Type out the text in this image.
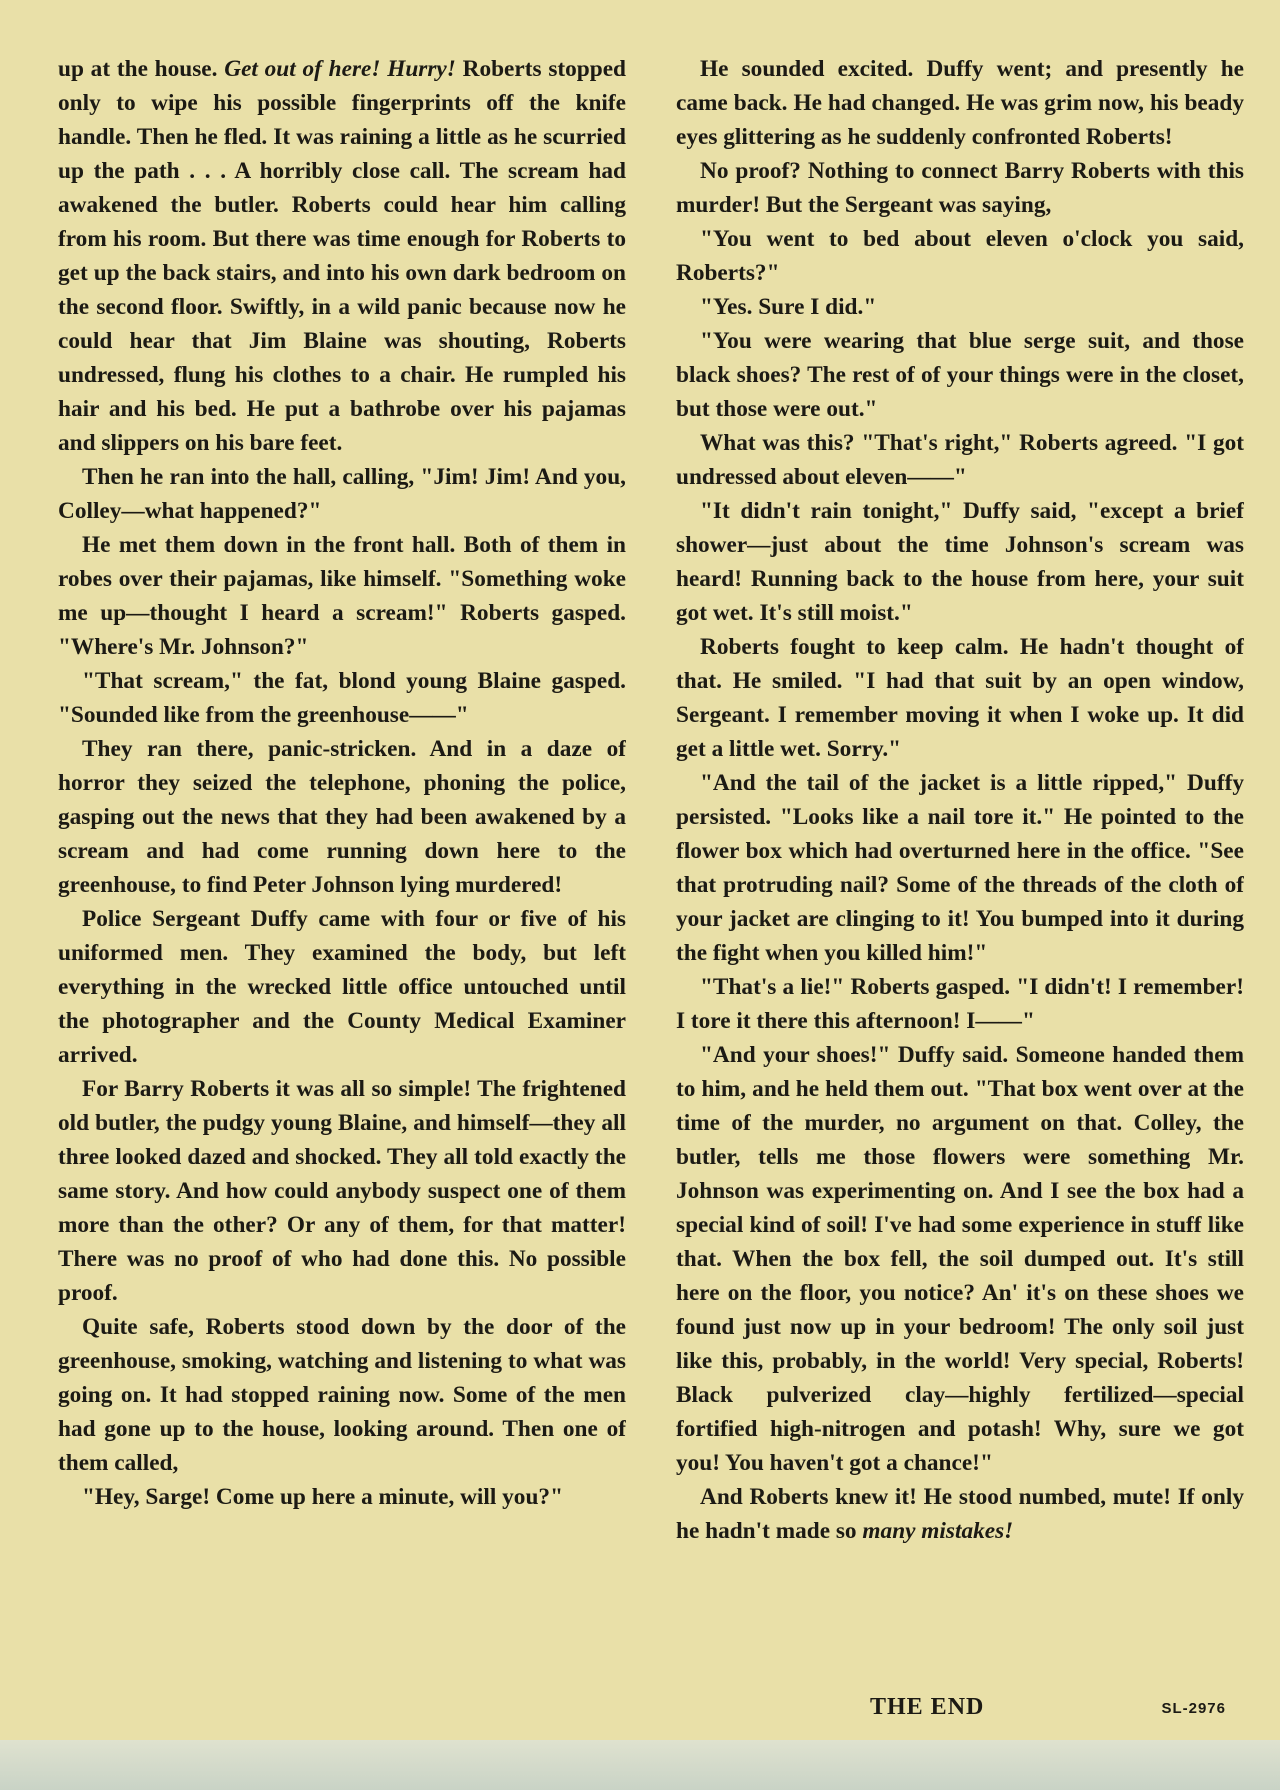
up at the house. Get out of here! Hurry! Roberts stopped only to wipe his possible fingerprints off the knife handle. Then he fled. It was raining a little as he scurried up the path . . . A horribly close call. The scream had awakened the butler. Roberts could hear him calling from his room. But there was time enough for Roberts to get up the back stairs, and into his own dark bedroom on the second floor. Swiftly, in a wild panic because now he could hear that Jim Blaine was shouting, Roberts undressed, flung his clothes to a chair. He rumpled his hair and his bed. He put a bathrobe over his pajamas and slippers on his bare feet.

Then he ran into the hall, calling, "Jim! Jim! And you, Colley—what happened?"

He met them down in the front hall. Both of them in robes over their pajamas, like himself. "Something woke me up—thought I heard a scream!" Roberts gasped. "Where's Mr. Johnson?"

"That scream," the fat, blond young Blaine gasped. "Sounded like from the greenhouse——"

They ran there, panic-stricken. And in a daze of horror they seized the telephone, phoning the police, gasping out the news that they had been awakened by a scream and had come running down here to the greenhouse, to find Peter Johnson lying murdered!

Police Sergeant Duffy came with four or five of his uniformed men. They examined the body, but left everything in the wrecked little office untouched until the photographer and the County Medical Examiner arrived.

For Barry Roberts it was all so simple! The frightened old butler, the pudgy young Blaine, and himself—they all three looked dazed and shocked. They all told exactly the same story. And how could anybody suspect one of them more than the other? Or any of them, for that matter! There was no proof of who had done this. No possible proof.

Quite safe, Roberts stood down by the door of the greenhouse, smoking, watching and listening to what was going on. It had stopped raining now. Some of the men had gone up to the house, looking around. Then one of them called,

"Hey, Sarge! Come up here a minute, will you?"

He sounded excited. Duffy went; and presently he came back. He had changed. He was grim now, his beady eyes glittering as he suddenly confronted Roberts!

No proof? Nothing to connect Barry Roberts with this murder! But the Sergeant was saying,

"You went to bed about eleven o'clock you said, Roberts?"

"Yes. Sure I did."

"You were wearing that blue serge suit, and those black shoes? The rest of of your things were in the closet, but those were out."

What was this? "That's right," Roberts agreed. "I got undressed about eleven——"

"It didn't rain tonight," Duffy said, "except a brief shower—just about the time Johnson's scream was heard! Running back to the house from here, your suit got wet. It's still moist."

Roberts fought to keep calm. He hadn't thought of that. He smiled. "I had that suit by an open window, Sergeant. I remember moving it when I woke up. It did get a little wet. Sorry."

"And the tail of the jacket is a little ripped," Duffy persisted. "Looks like a nail tore it." He pointed to the flower box which had overturned here in the office. "See that protruding nail? Some of the threads of the cloth of your jacket are clinging to it! You bumped into it during the fight when you killed him!"

"That's a lie!" Roberts gasped. "I didn't! I remember! I tore it there this afternoon! I——"

"And your shoes!" Duffy said. Someone handed them to him, and he held them out. "That box went over at the time of the murder, no argument on that. Colley, the butler, tells me those flowers were something Mr. Johnson was experimenting on. And I see the box had a special kind of soil! I've had some experience in stuff like that. When the box fell, the soil dumped out. It's still here on the floor, you notice? An' it's on these shoes we found just now up in your bedroom! The only soil just like this, probably, in the world! Very special, Roberts! Black pulverized clay—highly fertilized—special fortified high-nitrogen and potash! Why, sure we got you! You haven't got a chance!"

And Roberts knew it! He stood numbed, mute! If only he hadn't made so many mistakes!

THE END	SL-2976
